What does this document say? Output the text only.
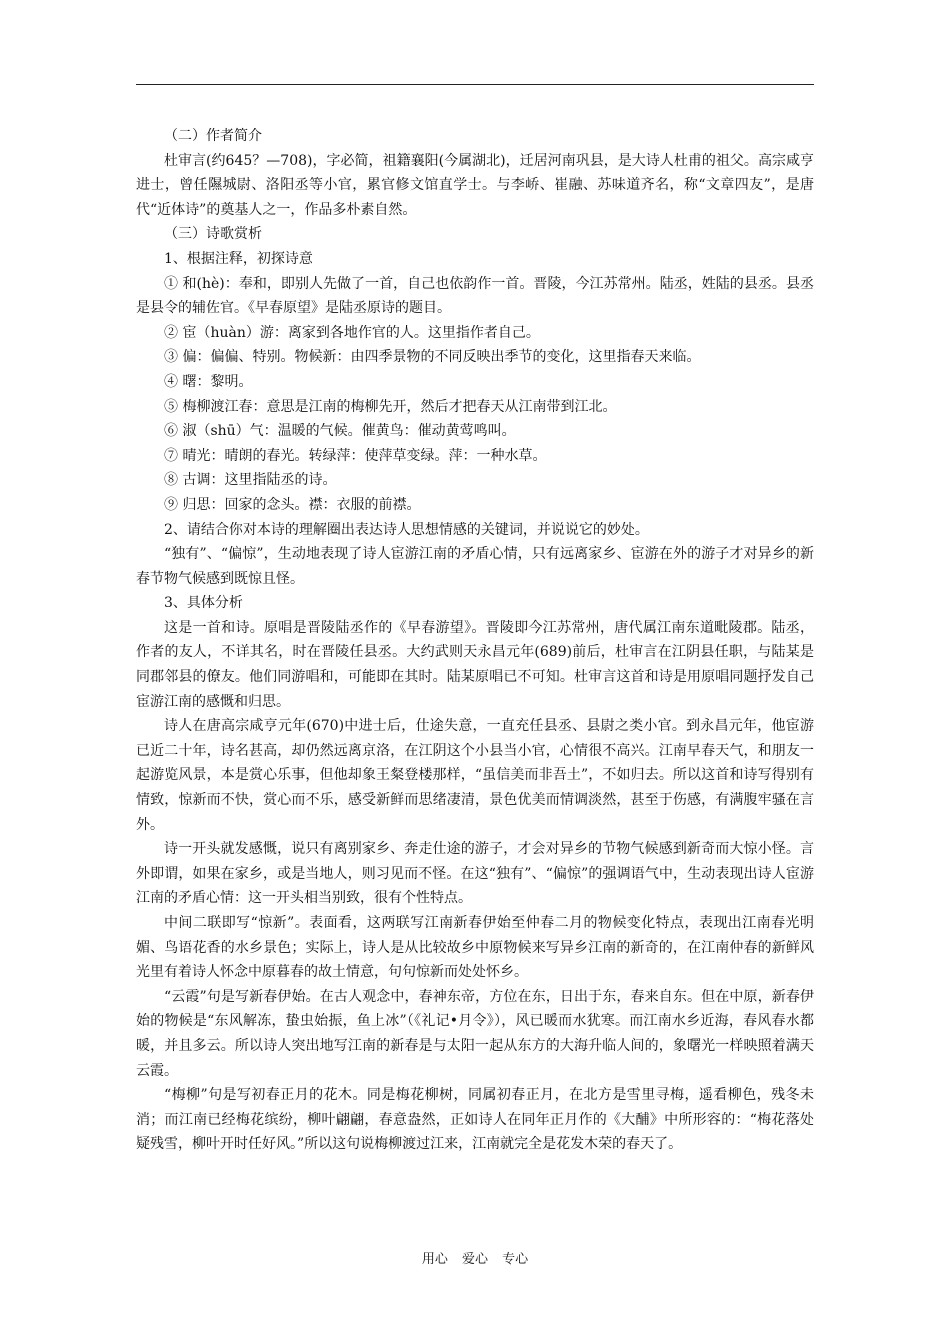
（二）作者简介

杜审言(约645？—708)，字必简，祖籍襄阳(今属湖北)，迁居河南巩县，是大诗人杜甫的祖父。高宗咸亨进士，曾任隰城尉、洛阳丞等小官，累官修文馆直学士。与李峤、崔融、苏味道齐名，称“文章四友”，是唐代“近体诗”的奠基人之一，作品多朴素自然。

（三）诗歌赏析

1、根据注释，初探诗意

① 和(hè)：奉和，即别人先做了一首，自己也依韵作一首。晋陵，今江苏常州。陆丞，姓陆的县丞。县丞是县令的辅佐官。《早春原望》是陆丞原诗的题目。

② 宦（huàn）游：离家到各地作官的人。这里指作者自己。

③ 偏：偏偏、特别。物候新：由四季景物的不同反映出季节的变化，这里指春天来临。

④ 曙：黎明。

⑤ 梅柳渡江春：意思是江南的梅柳先开，然后才把春天从江南带到江北。

⑥ 淑（shū）气：温暖的气候。催黄鸟：催动黄莺鸣叫。

⑦ 晴光：晴朗的春光。转绿萍：使萍草变绿。萍：一种水草。

⑧ 古调：这里指陆丞的诗。

⑨ 归思：回家的念头。襟：衣服的前襟。

2、请结合你对本诗的理解圈出表达诗人思想情感的关键词，并说说它的妙处。

“独有”、“偏惊”，生动地表现了诗人宦游江南的矛盾心情，只有远离家乡、宦游在外的游子才对异乡的新春节物气候感到既惊且怪。

3、具体分析

这是一首和诗。原唱是晋陵陆丞作的《早春游望》。晋陵即今江苏常州，唐代属江南东道毗陵郡。陆丞，作者的友人，不详其名，时在晋陵任县丞。大约武则天永昌元年(689)前后，杜审言在江阴县任职，与陆某是同郡邻县的僚友。他们同游唱和，可能即在其时。陆某原唱已不可知。杜审言这首和诗是用原唱同题抒发自己宦游江南的感慨和归思。

诗人在唐高宗咸亨元年(670)中进士后，仕途失意，一直充任县丞、县尉之类小官。到永昌元年，他宦游已近二十年，诗名甚高，却仍然远离京洛，在江阴这个小县当小官，心情很不高兴。江南早春天气，和朋友一起游览风景，本是赏心乐事，但他却象王粲登楼那样，“虽信美而非吾土”，不如归去。所以这首和诗写得别有情致，惊新而不快，赏心而不乐，感受新鲜而思绪凄清，景色优美而情调淡然，甚至于伤感，有满腹牢骚在言外。

诗一开头就发感慨，说只有离别家乡、奔走仕途的游子，才会对异乡的节物气候感到新奇而大惊小怪。言外即谓，如果在家乡，或是当地人，则习见而不怪。在这“独有”、“偏惊”的强调语气中，生动表现出诗人宦游江南的矛盾心情：这一开头相当别致，很有个性特点。

中间二联即写“惊新”。表面看，这两联写江南新春伊始至仲春二月的物候变化特点，表现出江南春光明媚、鸟语花香的水乡景色；实际上，诗人是从比较故乡中原物候来写异乡江南的新奇的，在江南仲春的新鲜风光里有着诗人怀念中原暮春的故土情意，句句惊新而处处怀乡。

“云霞”句是写新春伊始。在古人观念中，春神东帝，方位在东，日出于东，春来自东。但在中原，新春伊始的物候是“东风解冻，蛰虫始振，鱼上冰”（《礼记•月令》），风已暖而水犹寒。而江南水乡近海，春风春水都暖，并且多云。所以诗人突出地写江南的新春是与太阳一起从东方的大海升临人间的，象曙光一样映照着满天云霞。

“梅柳”句是写初春正月的花木。同是梅花柳树，同属初春正月，在北方是雪里寻梅，遥看柳色，残冬未消；而江南已经梅花缤纷，柳叶翩翩，春意盎然，正如诗人在同年正月作的《大酺》中所形容的：“梅花落处疑残雪，柳叶开时任好风。”所以这句说梅柳渡过江来，江南就完全是花发木荣的春天了。

用心 爱心 专心
